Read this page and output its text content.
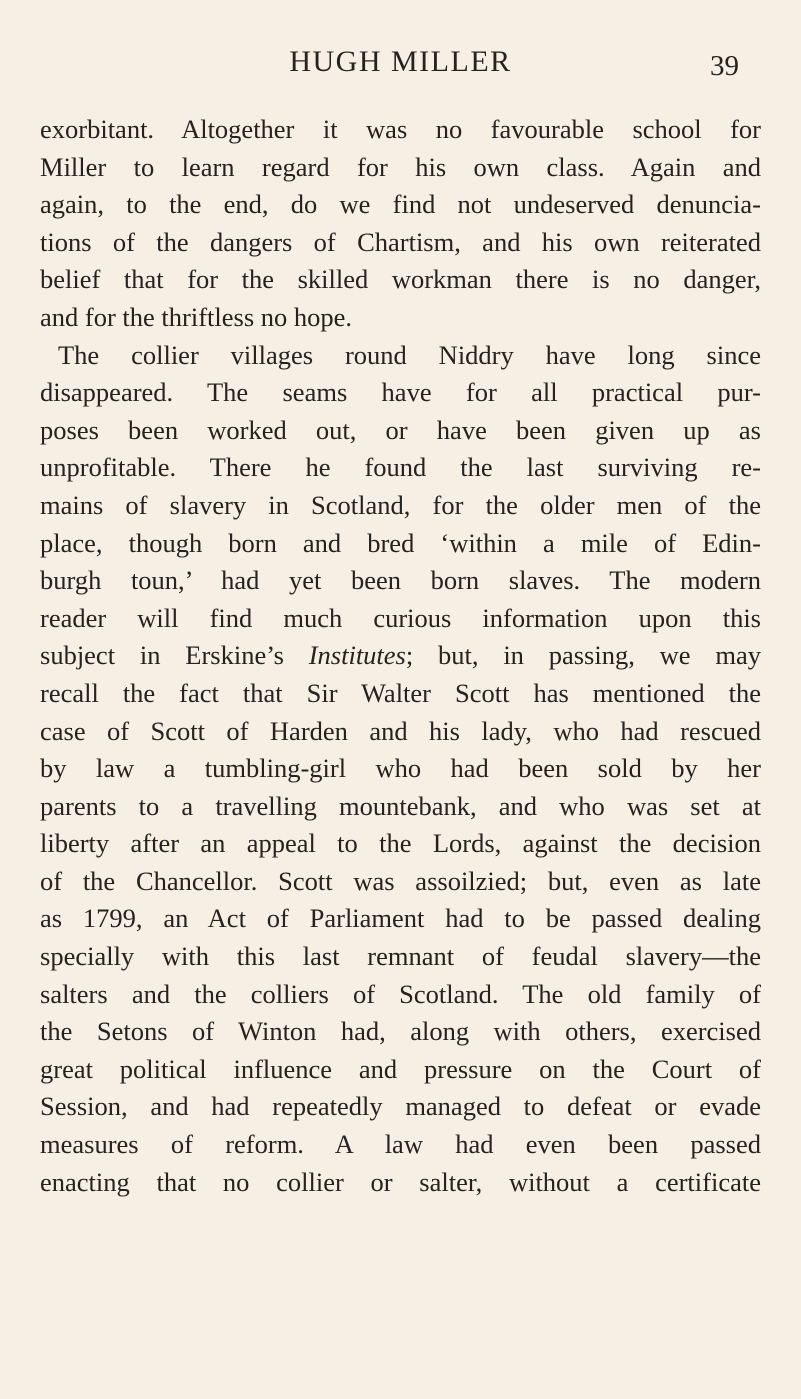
HUGH MILLER	39
exorbitant. Altogether it was no favourable school for
Miller to learn regard for his own class. Again and
again, to the end, do we find not undeserved denuncia-
tions of the dangers of Chartism, and his own reiterated
belief that for the skilled workman there is no danger,
and for the thriftless no hope.
The collier villages round Niddry have long since
disappeared. The seams have for all practical pur-
poses been worked out, or have been given up as
unprofitable. There he found the last surviving re-
mains of slavery in Scotland, for the older men of the
place, though born and bred ‘within a mile of Edin-
burgh toun,’ had yet been born slaves. The modern
reader will find much curious information upon this
subject in Erskine’s Institutes; but, in passing, we may
recall the fact that Sir Walter Scott has mentioned the
case of Scott of Harden and his lady, who had rescued
by law a tumbling-girl who had been sold by her
parents to a travelling mountebank, and who was set at
liberty after an appeal to the Lords, against the decision
of the Chancellor. Scott was assoilzied; but, even as late
as 1799, an Act of Parliament had to be passed dealing
specially with this last remnant of feudal slavery—the
salters and the colliers of Scotland. The old family of
the Setons of Winton had, along with others, exercised
great political influence and pressure on the Court of
Session, and had repeatedly managed to defeat or evade
measures of reform. A law had even been passed
enacting that no collier or salter, without a certificate
